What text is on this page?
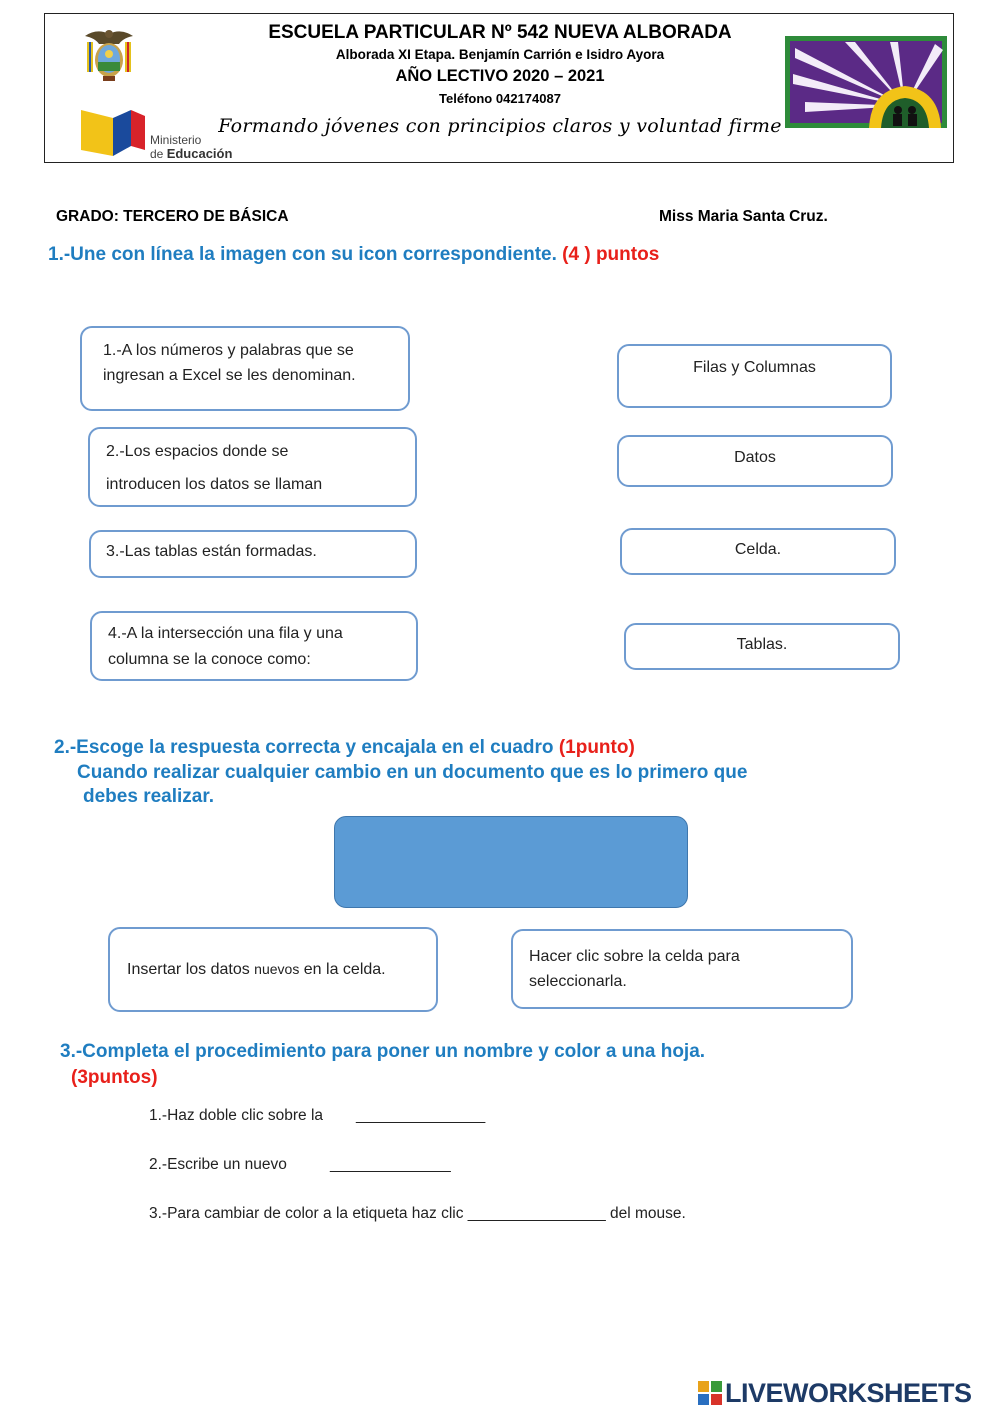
ESCUELA PARTICULAR Nº 542 NUEVA ALBORADA
Alborada XI Etapa. Benjamín Carrión e Isidro Ayora
AÑO LECTIVO 2020 – 2021
Teléfono 042174087
Formando jóvenes con principios claros y voluntad firme
Ministerio
de Educación
GRADO: TERCERO DE BÁSICA	Miss Maria Santa Cruz.
1.-Une con línea la imagen con su icon correspondiente. (4 ) puntos
1.-A los números y palabras que se
ingresan a Excel se les denominan.
2.-Los espacios donde se
introducen los datos se llaman
3.-Las tablas están formadas.
4.-A la intersección una fila y una
columna se la conoce como:
Filas y Columnas
Datos
Celda.
Tablas.
2.-Escoge la respuesta correcta y encajala en el cuadro (1punto)
Cuando realizar cualquier cambio en un documento que es lo primero que
debes realizar.
Insertar los datos nuevos en la celda.
Hacer clic sobre la celda para
seleccionarla.
3.-Completa el procedimiento para poner un nombre y color a una hoja.
(3puntos)
1.-Haz doble clic sobre la _______________
2.-Escribe un nuevo	______________
3.-Para cambiar de color a la etiqueta haz clic ________________ del mouse.
LIVEWORKSHEETS
